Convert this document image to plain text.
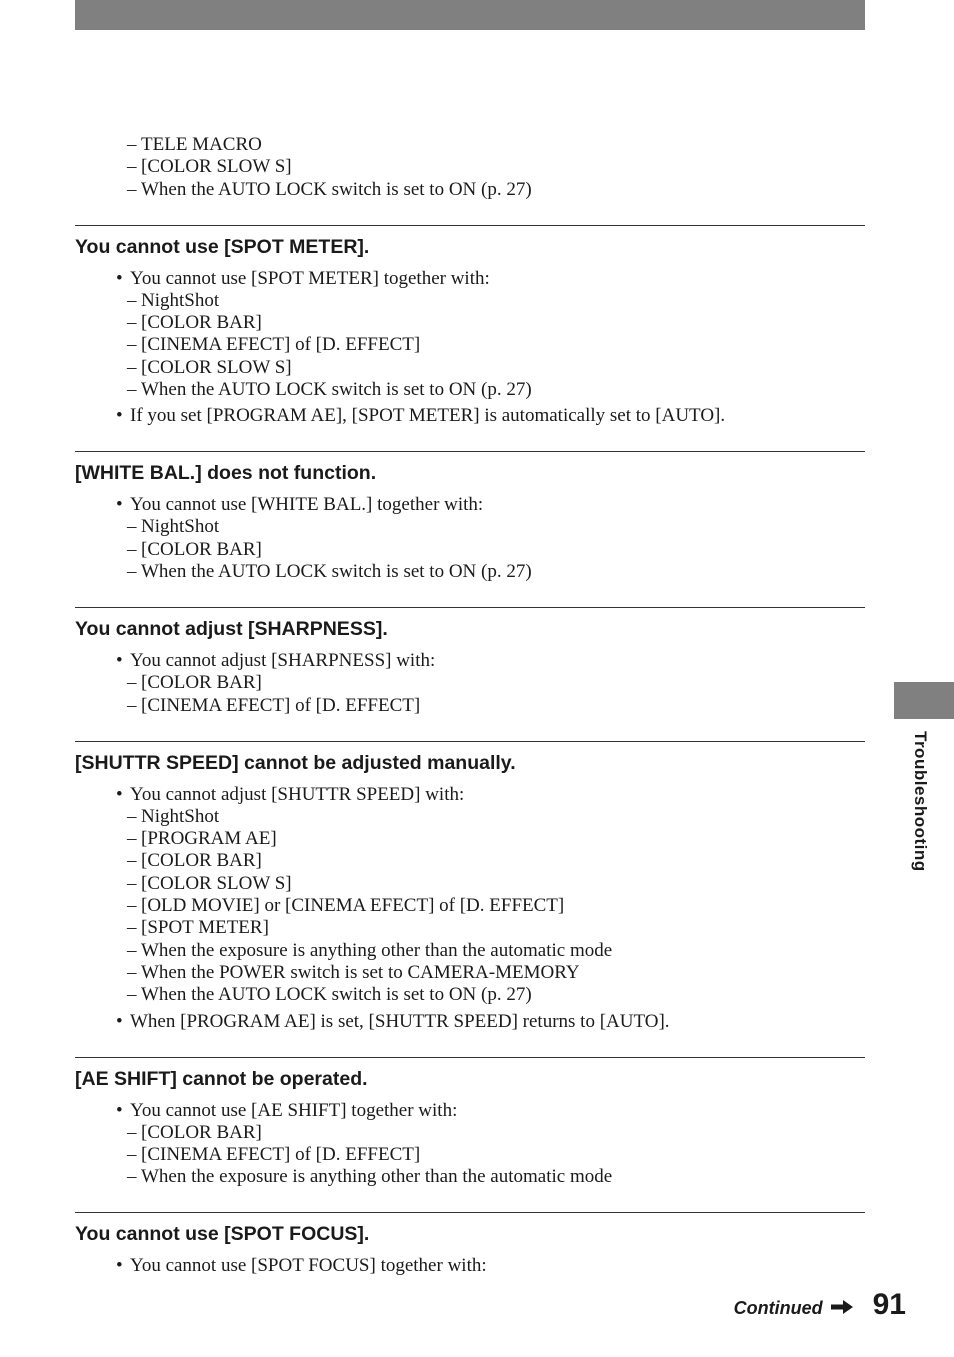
– TELE MACRO
– [COLOR SLOW S]
– When the AUTO LOCK switch is set to ON (p. 27)
You cannot use [SPOT METER].
• You cannot use [SPOT METER] together with:
– NightShot
– [COLOR BAR]
– [CINEMA EFECT] of [D. EFFECT]
– [COLOR SLOW S]
– When the AUTO LOCK switch is set to ON (p. 27)
• If you set [PROGRAM AE], [SPOT METER] is automatically set to [AUTO].
[WHITE BAL.] does not function.
• You cannot use [WHITE BAL.] together with:
– NightShot
– [COLOR BAR]
– When the AUTO LOCK switch is set to ON (p. 27)
You cannot adjust [SHARPNESS].
• You cannot adjust [SHARPNESS] with:
– [COLOR BAR]
– [CINEMA EFECT] of [D. EFFECT]
[SHUTTR SPEED] cannot be adjusted manually.
• You cannot adjust [SHUTTR SPEED] with:
– NightShot
– [PROGRAM AE]
– [COLOR BAR]
– [COLOR SLOW S]
– [OLD MOVIE] or [CINEMA EFECT] of [D. EFFECT]
– [SPOT METER]
– When the exposure is anything other than the automatic mode
– When the POWER switch is set to CAMERA-MEMORY
– When the AUTO LOCK switch is set to ON (p. 27)
• When [PROGRAM AE] is set, [SHUTTR SPEED] returns to [AUTO].
[AE SHIFT] cannot be operated.
• You cannot use [AE SHIFT] together with:
– [COLOR BAR]
– [CINEMA EFECT] of [D. EFFECT]
– When the exposure is anything other than the automatic mode
You cannot use [SPOT FOCUS].
• You cannot use [SPOT FOCUS] together with:
Troubleshooting
Continued 91
